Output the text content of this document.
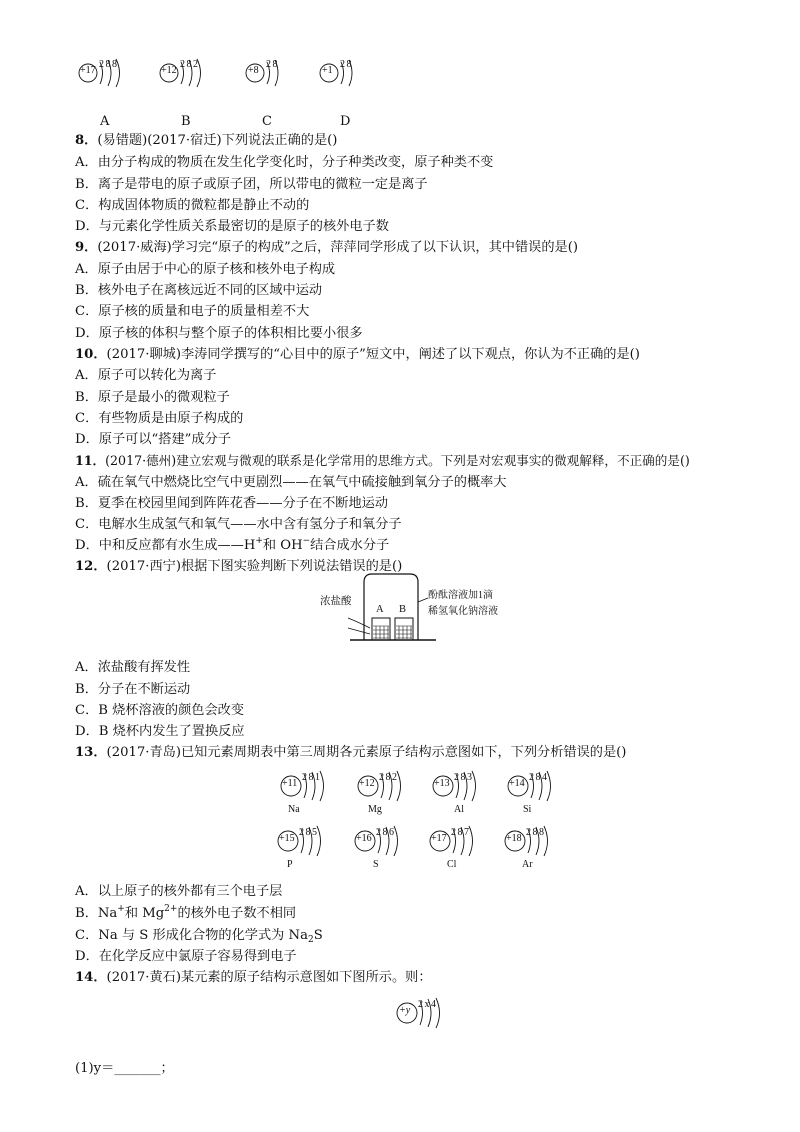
+17
2 8 8
+12
2 8 2
+8
2 8
+1
2 8
A	B	C	D
8．(易错题)(2017·宿迁)下列说法正确的是()
A．由分子构成的物质在发生化学变化时，分子种类改变，原子种类不变
B．离子是带电的原子或原子团，所以带电的微粒一定是离子
C．构成固体物质的微粒都是静止不动的
D．与元素化学性质关系最密切的是原子的核外电子数
9．(2017·威海)学习完“原子的构成”之后，萍萍同学形成了以下认识，其中错误的是()
A．原子由居于中心的原子核和核外电子构成
B．核外电子在离核远近不同的区域中运动
C．原子核的质量和电子的质量相差不大
D．原子核的体积与整个原子的体积相比要小很多
10．(2017·聊城)李涛同学撰写的“心目中的原子”短文中，阐述了以下观点，你认为不正确的是()
A．原子可以转化为离子
B．原子是最小的微观粒子
C．有些物质是由原子构成的
D．原子可以“搭建”成分子
11．(2017·德州)建立宏观与微观的联系是化学常用的思维方式。下列是对宏观事实的微观解释，不正确的是()
A．硫在氧气中燃烧比空气中更剧烈——在氧气中硫接触到氧分子的概率大
B．夏季在校园里闻到阵阵花香——分子在不断地运动
C．电解水生成氢气和氧气——水中含有氢分子和氧分子
D．中和反应都有水生成——H+和 OH−结合成水分子
12．(2017·西宁)根据下图实验判断下列说法错误的是()
浓盐酸
A B
酚酞溶液加1滴
稀氢氧化钠溶液
A．浓盐酸有挥发性
B．分子在不断运动
C．B 烧杯溶液的颜色会改变
D．B 烧杯内发生了置换反应
13．(2017·青岛)已知元素周期表中第三周期各元素原子结构示意图如下，下列分析错误的是()
+11
2 8 1
Na
+12
2 8 2
Mg
+13
2 8 3
Al
+14
2 8 4
Si
+15
2 8 5
P
+16
2 8 6
S
+17
2 8 7
Cl
+18
2 8 8
Ar
A．以上原子的核外都有三个电子层
B．Na+和 $Mg^{2+}$的核外电子数不相同
C．Na 与 S 形成化合物的化学式为 Na2S
D．在化学反应中氯原子容易得到电子
14．(2017·黄石)某元素的原子结构示意图如下图所示。则：
+y
2 x 4
(1)y＝_______；
